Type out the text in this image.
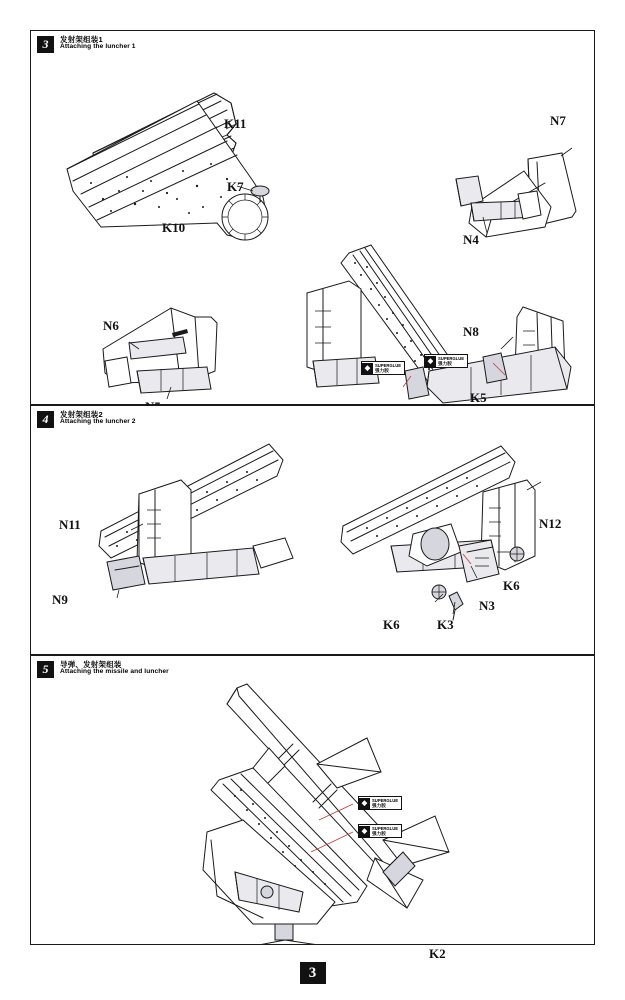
3	发射架组装1
Attaching the luncher 1
K11
K7
K10
N7
N4
N6	N8
K5
◆	SUPERGLUE
强力胶
◆	SUPERGLUE
强力胶
4	发射架组装2
Attaching the luncher 2
N11
N9
N12
K6
N3
K6	K3
5	导弹、发射架组装
Attaching the missile and luncher
◆	SUPERGLUE
强力胶
◆	SUPERGLUE
强力胶
K2
3
